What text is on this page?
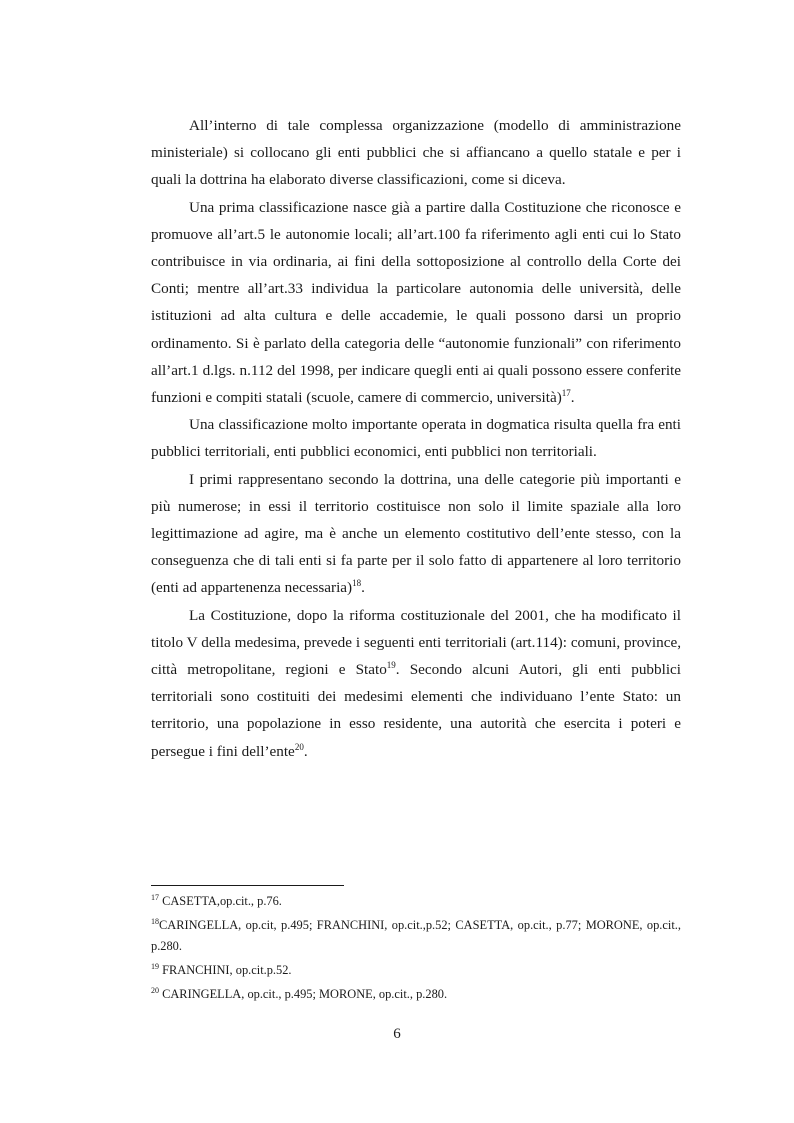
All’interno di tale complessa organizzazione (modello di amministrazione ministeriale) si collocano gli enti pubblici che si affiancano a quello statale e per i quali la dottrina ha elaborato diverse classificazioni, come si diceva.

Una prima classificazione nasce già a partire dalla Costituzione che riconosce e promuove all’art.5 le autonomie locali; all’art.100 fa riferimento agli enti cui lo Stato contribuisce in via ordinaria, ai fini della sottoposizione al controllo della Corte dei Conti; mentre all’art.33 individua la particolare autonomia delle università, delle istituzioni ad alta cultura e delle accademie, le quali possono darsi un proprio ordinamento. Si è parlato della categoria delle “autonomie funzionali” con riferimento all’art.1 d.lgs. n.112 del 1998, per indicare quegli enti ai quali possono essere conferite funzioni e compiti statali (scuole, camere di commercio, università)$^{17}$.

Una classificazione molto importante operata in dogmatica risulta quella fra enti pubblici territoriali, enti pubblici economici, enti pubblici non territoriali.

I primi rappresentano secondo la dottrina, una delle categorie più importanti e più numerose; in essi il territorio costituisce non solo il limite spaziale alla loro legittimazione ad agire, ma è anche un elemento costitutivo dell’ente stesso, con la conseguenza che di tali enti si fa parte per il solo fatto di appartenere al loro territorio (enti ad appartenenza necessaria)$^{18}$.

La Costituzione, dopo la riforma costituzionale del 2001, che ha modificato il titolo V della medesima, prevede i seguenti enti territoriali (art.114): comuni, province, città metropolitane, regioni e Stato$^{19}$. Secondo alcuni Autori, gli enti pubblici territoriali sono costituiti dei medesimi elementi che individuano l’ente Stato: un territorio, una popolazione in esso residente, una autorità che esercita i poteri e persegue i fini dell’ente$^{20}$.

$^{17}$ CASETTA,op.cit., p.76.

$^{18}$CARINGELLA, op.cit, p.495; FRANCHINI, op.cit.,p.52; CASETTA, op.cit., p.77; MORONE, op.cit., p.280.

$^{19}$ FRANCHINI, op.cit.p.52.

$^{20}$ CARINGELLA, op.cit., p.495; MORONE, op.cit., p.280.

6
